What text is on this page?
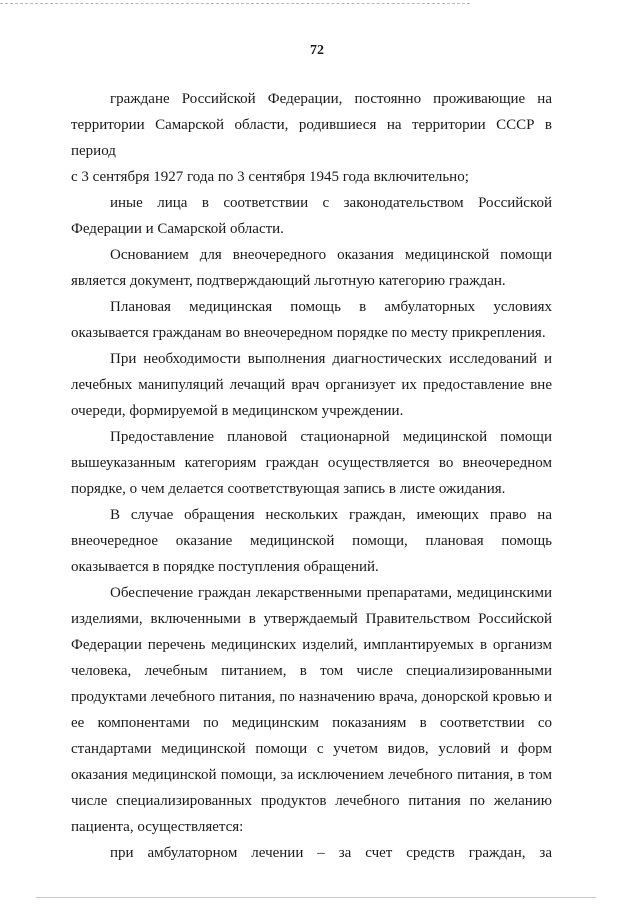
72

граждане Российской Федерации, постоянно проживающие на

территории Самарской области, родившиеся на территории СССР в период

с 3 сентября 1927 года по 3 сентября 1945 года включительно;

иные лица в соответствии с законодательством Российской

Федерации и Самарской области.

Основанием для внеочередного оказания медицинской помощи

является документ, подтверждающий льготную категорию граждан.

Плановая медицинская помощь в амбулаторных условиях

оказывается гражданам во внеочередном порядке по месту прикрепления.

При необходимости выполнения диагностических исследований и

лечебных манипуляций лечащий врач организует их предоставление вне

очереди, формируемой в медицинском учреждении.

Предоставление плановой стационарной медицинской помощи

вышеуказанным категориям граждан осуществляется во внеочередном

порядке, о чем делается соответствующая запись в листе ожидания.

В случае обращения нескольких граждан, имеющих право на

внеочередное оказание медицинской помощи, плановая помощь

оказывается в порядке поступления обращений.

Обеспечение граждан лекарственными препаратами, медицинскими

изделиями, включенными в утверждаемый Правительством Российской

Федерации перечень медицинских изделий, имплантируемых в организм

человека, лечебным питанием, в том числе специализированными

продуктами лечебного питания, по назначению врача, донорской кровью и

ее компонентами по медицинским показаниям в соответствии со

стандартами медицинской помощи с учетом видов, условий и форм

оказания медицинской помощи, за исключением лечебного питания, в том

числе специализированных продуктов лечебного питания по желанию

пациента, осуществляется:

при амбулаторном лечении – за счет средств граждан, за
